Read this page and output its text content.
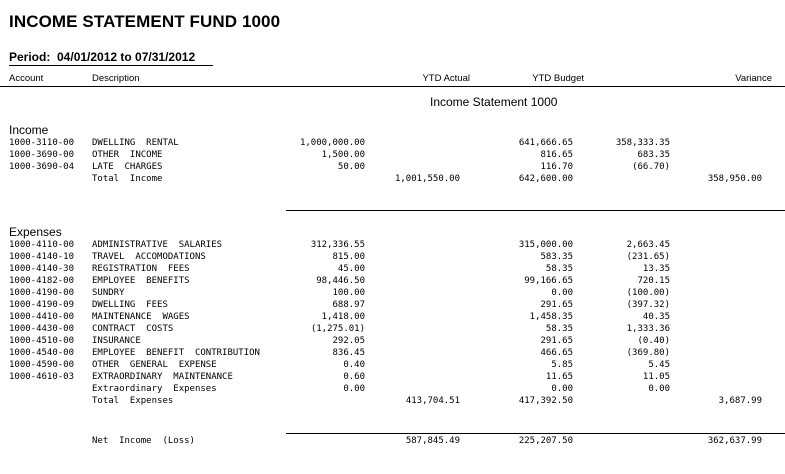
INCOME STATEMENT FUND 1000
Period:  04/01/2012 to 07/31/2012
Account	Description	YTD Actual	YTD Budget	Variance
Income Statement 1000
Income
1000-3110-00 DWELLING  RENTAL	1,000,000.00	641,666.65	358,333.35
1000-3690-00 OTHER  INCOME	1,500.00	816.65	683.35
1000-3690-04 LATE  CHARGES	50.00	116.70	(66.70)
Total  Income	1,001,550.00	642,600.00	358,950.00
Expenses
1000-4110-00 ADMINISTRATIVE  SALARIES	312,336.55	315,000.00	2,663.45
1000-4140-10 TRAVEL  ACCOMODATIONS	815.00	583.35	(231.65)
1000-4140-30 REGISTRATION  FEES	45.00	58.35	13.35
1000-4182-00 EMPLOYEE  BENEFITS	98,446.50	99,166.65	720.15
1000-4190-00 SUNDRY	100.00	0.00	(100.00)
1000-4190-09 DWELLING  FEES	688.97	291.65	(397.32)
1000-4410-00 MAINTENANCE  WAGES	1,418.00	1,458.35	40.35
1000-4430-00 CONTRACT  COSTS	(1,275.01)	58.35	1,333.36
1000-4510-00 INSURANCE	292.05	291.65	(0.40)
1000-4540-00 EMPLOYEE  BENEFIT  CONTRIBUTION	836.45	466.65	(369.80)
1000-4590-00 OTHER  GENERAL  EXPENSE	0.40	5.85	5.45
1000-4610-03 EXTRAORDINARY  MAINTENANCE	0.60	11.65	11.05
Extraordinary  Expenses	0.00	0.00	0.00
Total  Expenses	413,704.51	417,392.50	3,687.99
Net  Income  (Loss)	587,845.49	225,207.50	362,637.99
